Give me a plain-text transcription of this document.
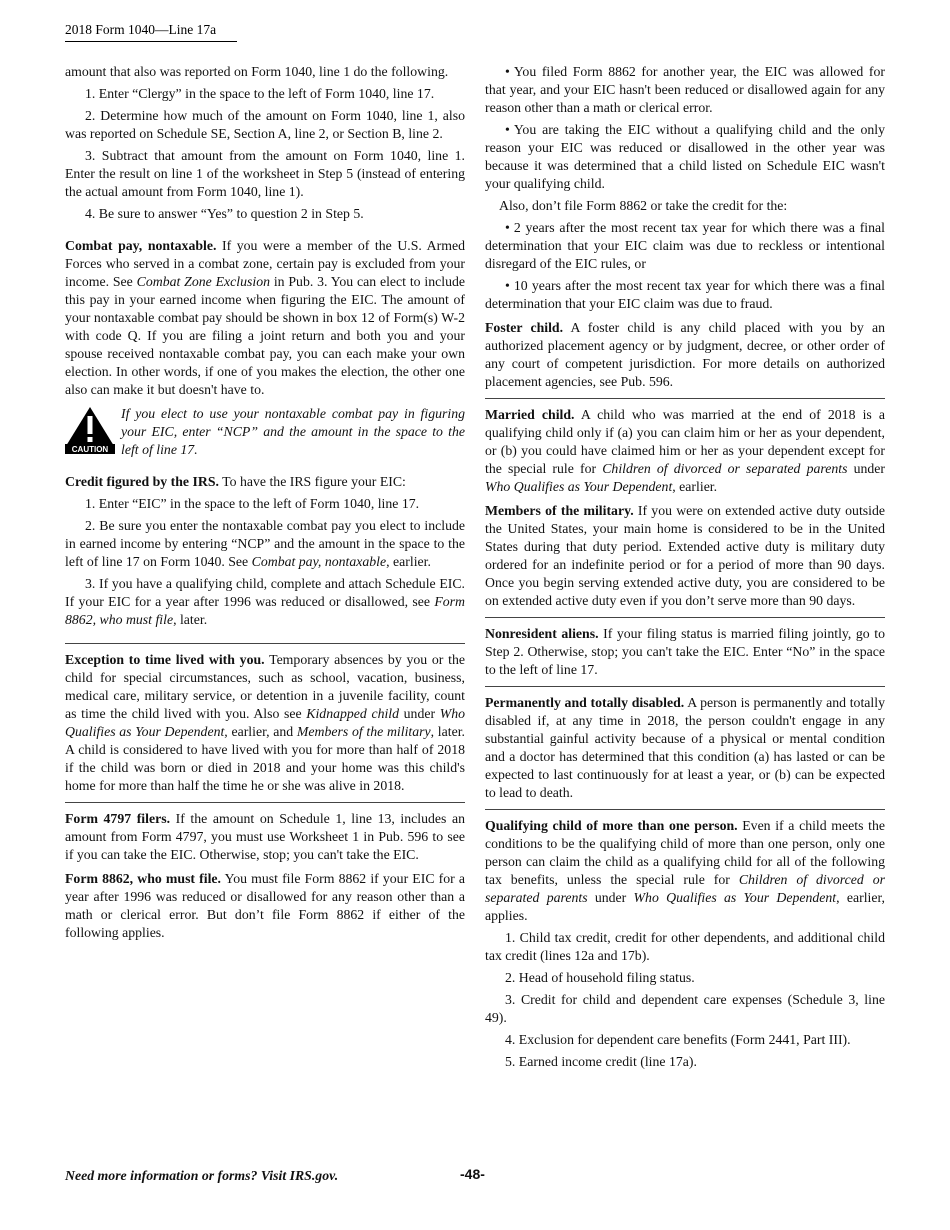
2018 Form 1040—Line 17a

amount that also was reported on Form 1040, line 1 do the following.

1. Enter “Clergy” in the space to the left of Form 1040, line 17.

2. Determine how much of the amount on Form 1040, line 1, also was reported on Schedule SE, Section A, line 2, or Section B, line 2.

3. Subtract that amount from the amount on Form 1040, line 1. Enter the result on line 1 of the worksheet in Step 5 (instead of entering the actual amount from Form 1040, line 1).

4. Be sure to answer “Yes” to question 2 in Step 5.

Combat pay, nontaxable. If you were a member of the U.S. Armed Forces who served in a combat zone, certain pay is excluded from your income. See Combat Zone Exclusion in Pub. 3. You can elect to include this pay in your earned income when figuring the EIC. The amount of your nontaxable combat pay should be shown in box 12 of Form(s) W-2 with code Q. If you are filing a joint return and both you and your spouse received nontaxable combat pay, you can each make your own election. In other words, if one of you makes the election, the other one also can make it but doesn't have to.

CAUTION
If you elect to use your nontaxable combat pay in figuring your EIC, enter “NCP” and the amount in the space to the left of line 17.

Credit figured by the IRS. To have the IRS figure your EIC:

1. Enter “EIC” in the space to the left of Form 1040, line 17.

2. Be sure you enter the nontaxable combat pay you elect to include in earned income by entering “NCP” and the amount in the space to the left of line 17 on Form 1040. See Combat pay, nontaxable, earlier.

3. If you have a qualifying child, complete and attach Schedule EIC. If your EIC for a year after 1996 was reduced or disallowed, see Form 8862, who must file, later.

Exception to time lived with you. Temporary absences by you or the child for special circumstances, such as school, vacation, business, medical care, military service, or detention in a juvenile facility, count as time the child lived with you. Also see Kidnapped child under Who Qualifies as Your Dependent, earlier, and Members of the military, later. A child is considered to have lived with you for more than half of 2018 if the child was born or died in 2018 and your home was this child's home for more than half the time he or she was alive in 2018.

Form 4797 filers. If the amount on Schedule 1, line 13, includes an amount from Form 4797, you must use Worksheet 1 in Pub. 596 to see if you can take the EIC. Otherwise, stop; you can't take the EIC.

Form 8862, who must file. You must file Form 8862 if your EIC for a year after 1996 was reduced or disallowed for any reason other than a math or clerical error. But don’t file Form 8862 if either of the following applies.

• You filed Form 8862 for another year, the EIC was allowed for that year, and your EIC hasn't been reduced or disallowed again for any reason other than a math or clerical error.

• You are taking the EIC without a qualifying child and the only reason your EIC was reduced or disallowed in the other year was because it was determined that a child listed on Schedule EIC wasn't your qualifying child.

Also, don’t file Form 8862 or take the credit for the:

• 2 years after the most recent tax year for which there was a final determination that your EIC claim was due to reckless or intentional disregard of the EIC rules, or

• 10 years after the most recent tax year for which there was a final determination that your EIC claim was due to fraud.

Foster child. A foster child is any child placed with you by an authorized placement agency or by judgment, decree, or other order of any court of competent jurisdiction. For more details on authorized placement agencies, see Pub. 596.

Married child. A child who was married at the end of 2018 is a qualifying child only if (a) you can claim him or her as your dependent, or (b) you could have claimed him or her as your dependent except for the special rule for Children of divorced or separated parents under Who Qualifies as Your Dependent, earlier.

Members of the military. If you were on extended active duty outside the United States, your main home is considered to be in the United States during that duty period. Extended active duty is military duty ordered for an indefinite period or for a period of more than 90 days. Once you begin serving extended active duty, you are considered to be on extended active duty even if you don’t serve more than 90 days.

Nonresident aliens. If your filing status is married filing jointly, go to Step 2. Otherwise, stop; you can't take the EIC. Enter “No” in the space to the left of line 17.

Permanently and totally disabled. A person is permanently and totally disabled if, at any time in 2018, the person couldn't engage in any substantial gainful activity because of a physical or mental condition and a doctor has determined that this condition (a) has lasted or can be expected to last continuously for at least a year, or (b) can be expected to lead to death.

Qualifying child of more than one person. Even if a child meets the conditions to be the qualifying child of more than one person, only one person can claim the child as a qualifying child for all of the following tax benefits, unless the special rule for Children of divorced or separated parents under Who Qualifies as Your Dependent, earlier, applies.

1. Child tax credit, credit for other dependents, and additional child tax credit (lines 12a and 17b).

2. Head of household filing status.

3. Credit for child and dependent care expenses (Schedule 3, line 49).

4. Exclusion for dependent care benefits (Form 2441, Part III).

5. Earned income credit (line 17a).

Need more information or forms? Visit IRS.gov.	-48-
